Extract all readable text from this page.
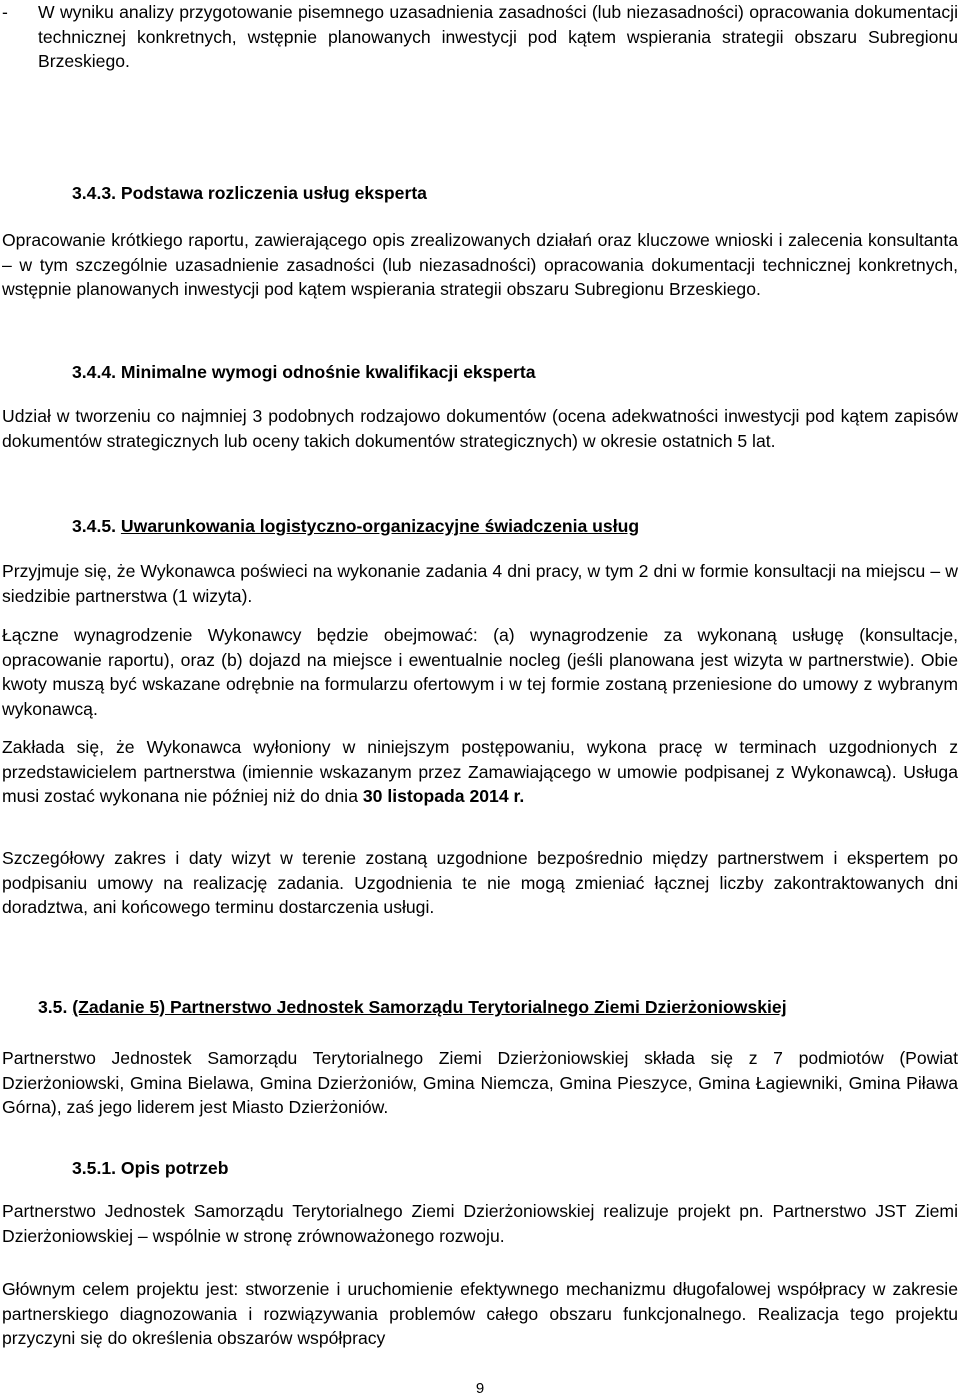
-	W wyniku analizy przygotowanie pisemnego uzasadnienia zasadności (lub niezasadności) opracowania dokumentacji technicznej konkretnych, wstępnie planowanych inwestycji pod kątem wspierania strategii obszaru Subregionu Brzeskiego.
3.4.3. Podstawa rozliczenia usług eksperta
Opracowanie krótkiego raportu, zawierającego opis zrealizowanych działań oraz kluczowe wnioski i zalecenia konsultanta – w tym szczególnie uzasadnienie zasadności (lub niezasadności) opracowania dokumentacji technicznej konkretnych, wstępnie planowanych inwestycji pod kątem wspierania strategii obszaru Subregionu Brzeskiego.
3.4.4. Minimalne wymogi odnośnie kwalifikacji eksperta
Udział w tworzeniu co najmniej 3 podobnych rodzajowo dokumentów (ocena adekwatności inwestycji pod kątem zapisów dokumentów strategicznych lub oceny takich dokumentów strategicznych) w okresie ostatnich 5 lat.
3.4.5. Uwarunkowania logistyczno-organizacyjne świadczenia usług
Przyjmuje się, że Wykonawca poświeci na wykonanie zadania 4 dni pracy, w tym 2 dni w formie konsultacji na miejscu – w siedzibie partnerstwa (1 wizyta).
Łączne wynagrodzenie Wykonawcy będzie obejmować: (a) wynagrodzenie za wykonaną usługę (konsultacje, opracowanie raportu), oraz (b) dojazd na miejsce i ewentualnie nocleg (jeśli planowana jest wizyta w partnerstwie). Obie kwoty muszą być wskazane odrębnie na formularzu ofertowym i w tej formie zostaną przeniesione do umowy z wybranym wykonawcą.
Zakłada się, że Wykonawca wyłoniony w niniejszym postępowaniu, wykona pracę w terminach uzgodnionych z przedstawicielem partnerstwa (imiennie wskazanym przez Zamawiającego w umowie podpisanej z Wykonawcą). Usługa musi zostać wykonana nie później niż do dnia 30 listopada 2014 r.
Szczegółowy zakres i daty wizyt w terenie zostaną uzgodnione bezpośrednio między partnerstwem i ekspertem po podpisaniu umowy na realizację zadania. Uzgodnienia te nie mogą zmieniać łącznej liczby zakontraktowanych dni doradztwa, ani końcowego terminu dostarczenia usługi.
3.5. (Zadanie 5) Partnerstwo Jednostek Samorządu Terytorialnego Ziemi Dzierżoniowskiej
Partnerstwo Jednostek Samorządu Terytorialnego Ziemi Dzierżoniowskiej składa się z 7 podmiotów (Powiat Dzierżoniowski, Gmina Bielawa, Gmina Dzierżoniów, Gmina Niemcza, Gmina Pieszyce, Gmina Łagiewniki, Gmina Piława Górna), zaś jego liderem jest Miasto Dzierżoniów.
3.5.1. Opis potrzeb
Partnerstwo Jednostek Samorządu Terytorialnego Ziemi Dzierżoniowskiej realizuje projekt pn. Partnerstwo JST Ziemi Dzierżoniowskiej – wspólnie w stronę zrównoważonego rozwoju.
Głównym celem projektu jest: stworzenie i uruchomienie efektywnego mechanizmu długofalowej współpracy w zakresie partnerskiego diagnozowania i rozwiązywania problemów całego obszaru funkcjonalnego. Realizacja tego projektu przyczyni się do określenia obszarów współpracy
9
